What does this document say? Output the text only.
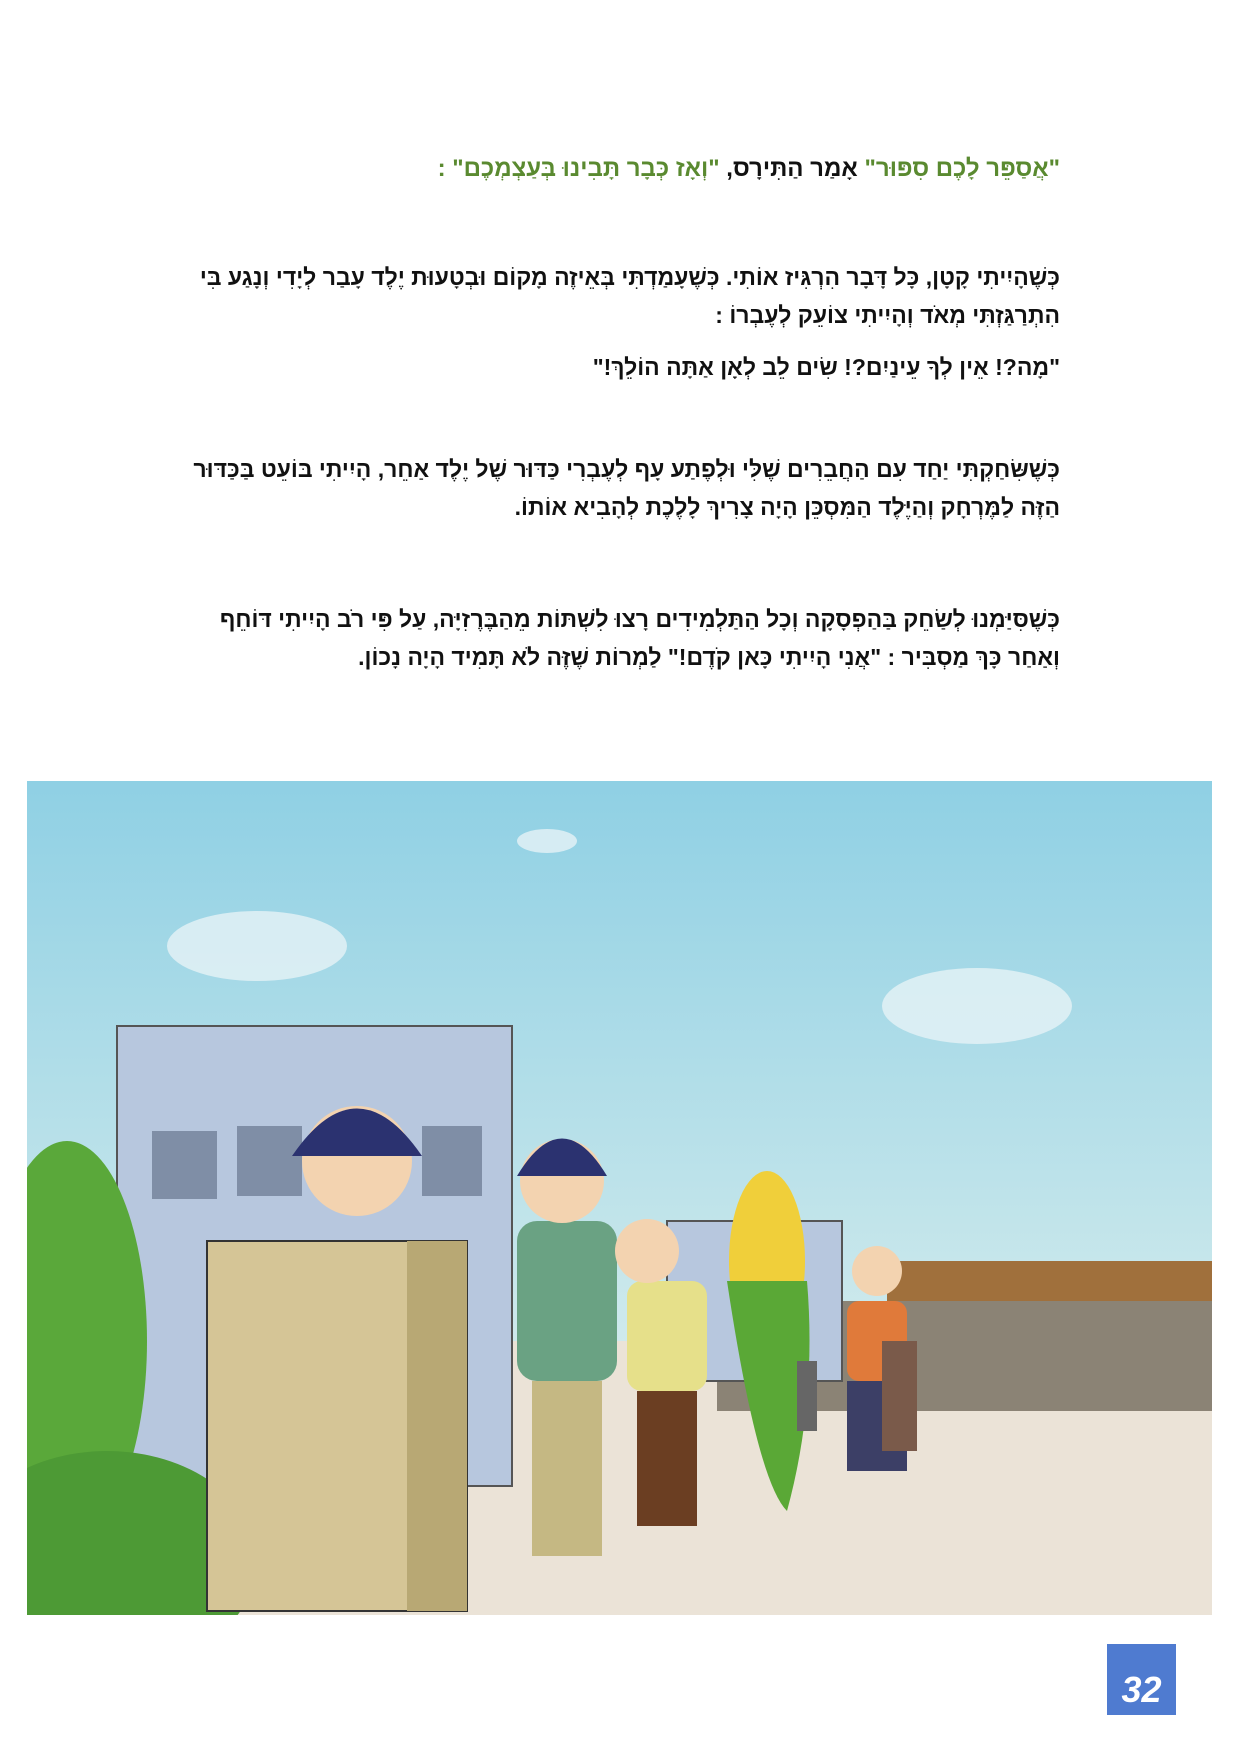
"אֲסַפֵּר לָכֶם סִפּוּר" אָמַר הַתִּירָס, "וְאָז כְּבָר תָּבִינוּ בְּעַצְמְכֶם" :
כְּשֶׁהָיִיתִי קָטָן, כָּל דָּבָר הִרְגִּיז אוֹתִי. כְּשֶׁעָמַדְתִּי בְּאֵיזֶה מָקוֹם וּבְטָעוּת יֶלֶד עָבַר לְיָדִי וְנָגַע בִּי הִתְרַגַּזְתִּי מְאֹד וְהָיִיתִי צוֹעֵק לְעֶבְרוֹ :
"מָה?! אֵין לְךָ עֵינַיִם?! שִׂים לֵב לְאָן אַתָּה הוֹלֵךְ!"
כְּשֶׁשִּׂחַקְתִּי יַחַד עִם הַחֲבֵרִים שֶׁלִּי וּלְפֶתַע עָף לְעֶבְרִי כַּדּוּר שֶׁל יֶלֶד אַחֵר, הָיִיתִי בּוֹעֵט בַּכַּדּוּר הַזֶּה לַמֶּרְחָק וְהַיֶּלֶד הַמִּסְכֵּן הָיָה צָרִיךְ לָלֶכֶת לְהָבִיא אוֹתוֹ.
כְּשֶׁסִּיַּמְנוּ לְשַׂחֵק בַּהַפְסָקָה וְכָל הַתַּלְמִידִים רָצוּ לִשְׁתּוֹת מֵהַבֶּרֶזִיָּה, עַל פִּי רֹב הָיִיתִי דּוֹחֵף וְאַחַר כָּךְ מַסְבִּיר : "אֲנִי הָיִיתִי כָּאן קֹדֶם!" לַמְרוֹת שֶׁזֶּה לֹא תָּמִיד הָיָה נָכוֹן.
32
